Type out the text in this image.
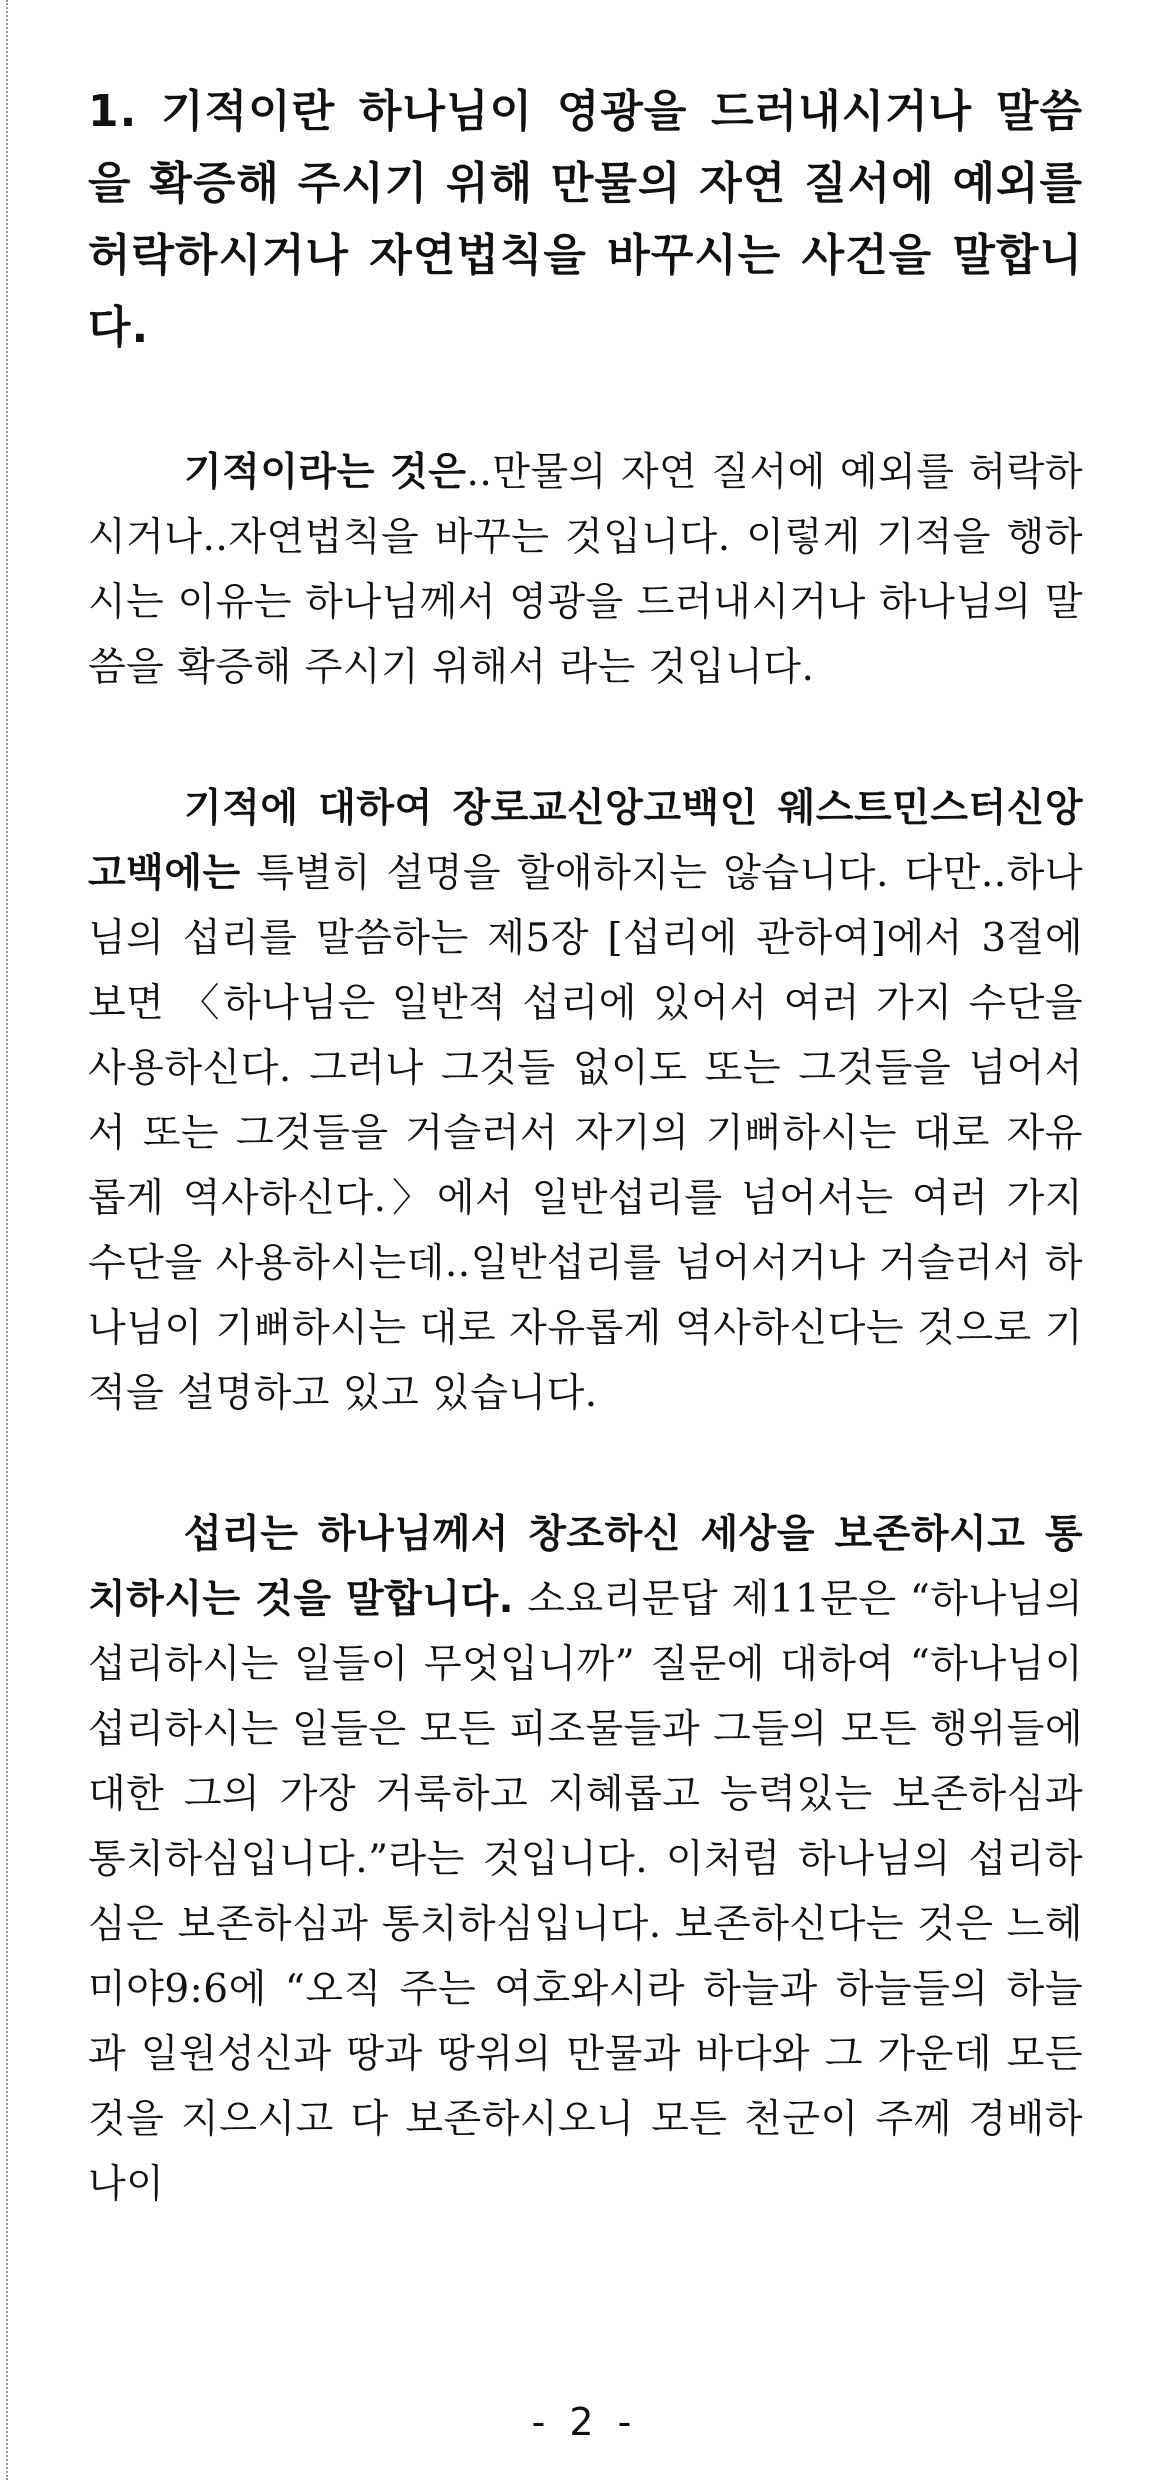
1. 기적이란 하나님이 영광을 드러내시거나 말씀을 확증해 주시기 위해 만물의 자연 질서에 예외를 허락하시거나 자연법칙을 바꾸시는 사건을 말합니다.

기적이라는 것은..만물의 자연 질서에 예외를 허락하시거나..자연법칙을 바꾸는 것입니다. 이렇게 기적을 행하시는 이유는 하나님께서 영광을 드러내시거나 하나님의 말씀을 확증해 주시기 위해서 라는 것입니다.

기적에 대하여 장로교신앙고백인 웨스트민스터신앙고백에는 특별히 설명을 할애하지는 않습니다. 다만..하나님의 섭리를 말씀하는 제5장 [섭리에 관하여]에서 3절에 보면 〈하나님은 일반적 섭리에 있어서 여러 가지 수단을 사용하신다. 그러나 그것들 없이도 또는 그것들을 넘어서서 또는 그것들을 거슬러서 자기의 기뻐하시는 대로 자유롭게 역사하신다.〉에서 일반섭리를 넘어서는 여러 가지 수단을 사용하시는데..일반섭리를 넘어서거나 거슬러서 하나님이 기뻐하시는 대로 자유롭게 역사하신다는 것으로 기적을 설명하고 있고 있습니다.

섭리는 하나님께서 창조하신 세상을 보존하시고 통치하시는 것을 말합니다. 소요리문답 제11문은 “하나님의 섭리하시는 일들이 무엇입니까” 질문에 대하여 “하나님이 섭리하시는 일들은 모든 피조물들과 그들의 모든 행위들에 대한 그의 가장 거룩하고 지혜롭고 능력있는 보존하심과 통치하심입니다.”라는 것입니다. 이처럼 하나님의 섭리하심은 보존하심과 통치하심입니다. 보존하신다는 것은 느헤미야9:6에 “오직 주는 여호와시라 하늘과 하늘들의 하늘과 일원성신과 땅과 땅위의 만물과 바다와 그 가운데 모든 것을 지으시고 다 보존하시오니 모든 천군이 주께 경배하나이

- 2 -
